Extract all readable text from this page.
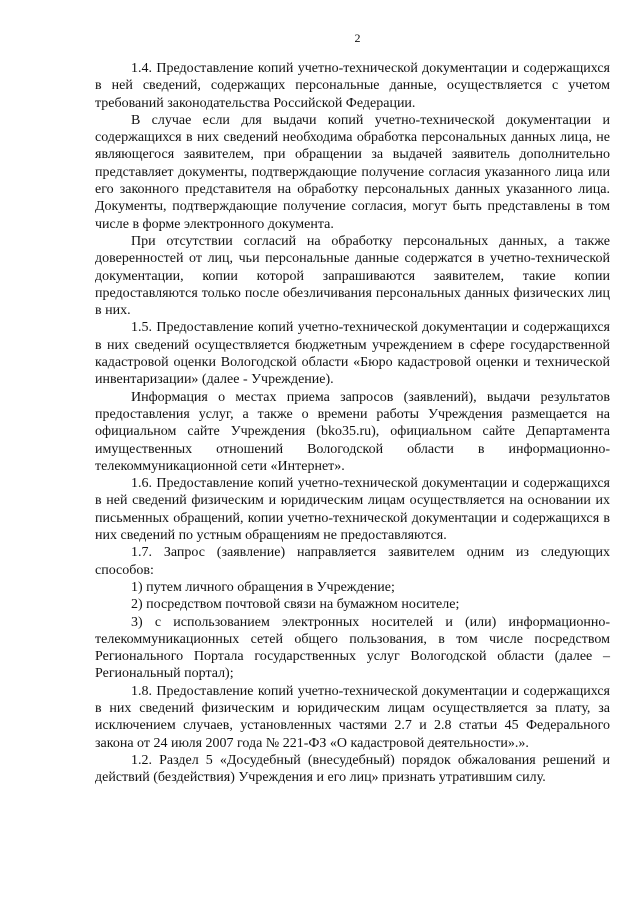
2

1.4. Предоставление копий учетно-технической документации и содержащихся в ней сведений, содержащих персональные данные, осуществляется с учетом требований законодательства Российской Федерации.

В случае если для выдачи копий учетно-технической документации и содержащихся в них сведений необходима обработка персональных данных лица, не являющегося заявителем, при обращении за выдачей заявитель дополнительно представляет документы, подтверждающие получение согласия указанного лица или его законного представителя на обработку персональных данных указанного лица. Документы, подтверждающие получение согласия, могут быть представлены в том числе в форме электронного документа.

При отсутствии согласий на обработку персональных данных, а также доверенностей от лиц, чьи персональные данные содержатся в учетно-технической документации, копии которой запрашиваются заявителем, такие копии предоставляются только после обезличивания персональных данных физических лиц в них.

1.5. Предоставление копий учетно-технической документации и содержащихся в них сведений осуществляется бюджетным учреждением в сфере государственной кадастровой оценки Вологодской области «Бюро кадастровой оценки и технической инвентаризации» (далее - Учреждение).

Информация о местах приема запросов (заявлений), выдачи результатов предоставления услуг, а также о времени работы Учреждения размещается на официальном сайте Учреждения (bko35.ru), официальном сайте Департамента имущественных отношений Вологодской области в информационно-телекоммуникационной сети «Интернет».

1.6. Предоставление копий учетно-технической документации и содержащихся в ней сведений физическим и юридическим лицам осуществляется на основании их письменных обращений, копии учетно-технической документации и содержащихся в них сведений по устным обращениям не предоставляются.

1.7. Запрос (заявление) направляется заявителем одним из следующих способов:

1) путем личного обращения в Учреждение;

2) посредством почтовой связи на бумажном носителе;

3) с использованием электронных носителей и (или) информационно-телекоммуникационных сетей общего пользования, в том числе посредством Регионального Портала государственных услуг Вологодской области (далее – Региональный портал);

1.8. Предоставление копий учетно-технической документации и содержащихся в них сведений физическим и юридическим лицам осуществляется за плату, за исключением случаев, установленных частями 2.7 и 2.8 статьи 45 Федерального закона от 24 июля 2007 года № 221-ФЗ «О кадастровой деятельности».».

1.2. Раздел 5 «Досудебный (внесудебный) порядок обжалования решений и действий (бездействия) Учреждения и его лиц» признать утратившим силу.
